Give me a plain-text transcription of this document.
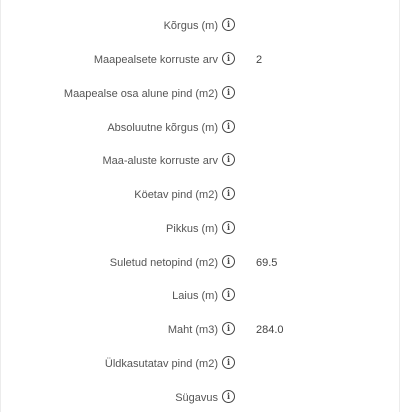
Kõrgus (m)	i
Maapealsete korruste arv	i	2
Maapealse osa alune pind (m2)	i
Absoluutne kõrgus (m)	i
Maa-aluste korruste arv	i
Köetav pind (m2)	i
Pikkus (m)	i
Suletud netopind (m2)	i	69.5
Laius (m)	i
Maht (m3)	i	284.0
Üldkasutatav pind (m2)	i
Sügavus	i
